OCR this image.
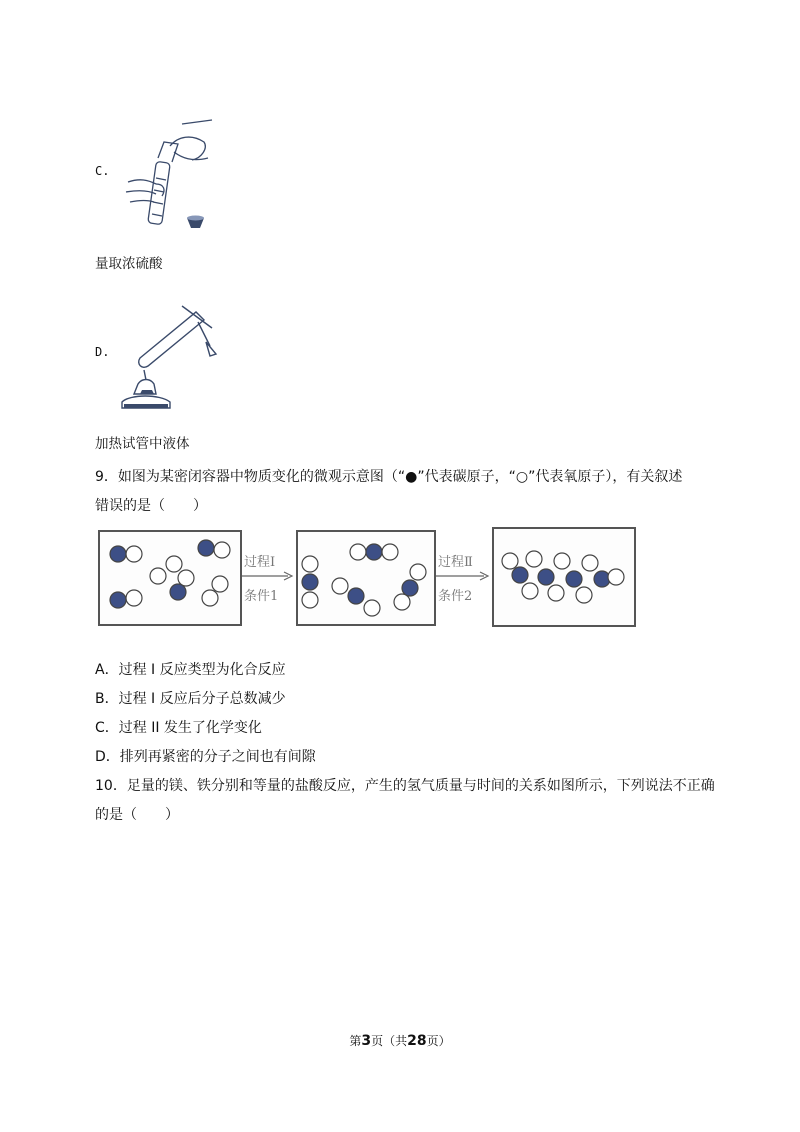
C.
量取浓硫酸
D.
加热试管中液体
9．如图为某密闭容器中物质变化的微观示意图（“●”代表碳原子，“○”代表氧原子），有关叙述
错误的是（　　）
过程Ⅰ
条件1
过程Ⅱ
条件2
A．过程 Ⅰ 反应类型为化合反应
B．过程 Ⅰ 反应后分子总数减少
C．过程 ⅠⅠ 发生了化学变化
D．排列再紧密的分子之间也有间隙
10．足量的镁、铁分别和等量的盐酸反应，产生的氢气质量与时间的关系如图所示，下列说法不正确
的是（　　）
第3页（共28页）
